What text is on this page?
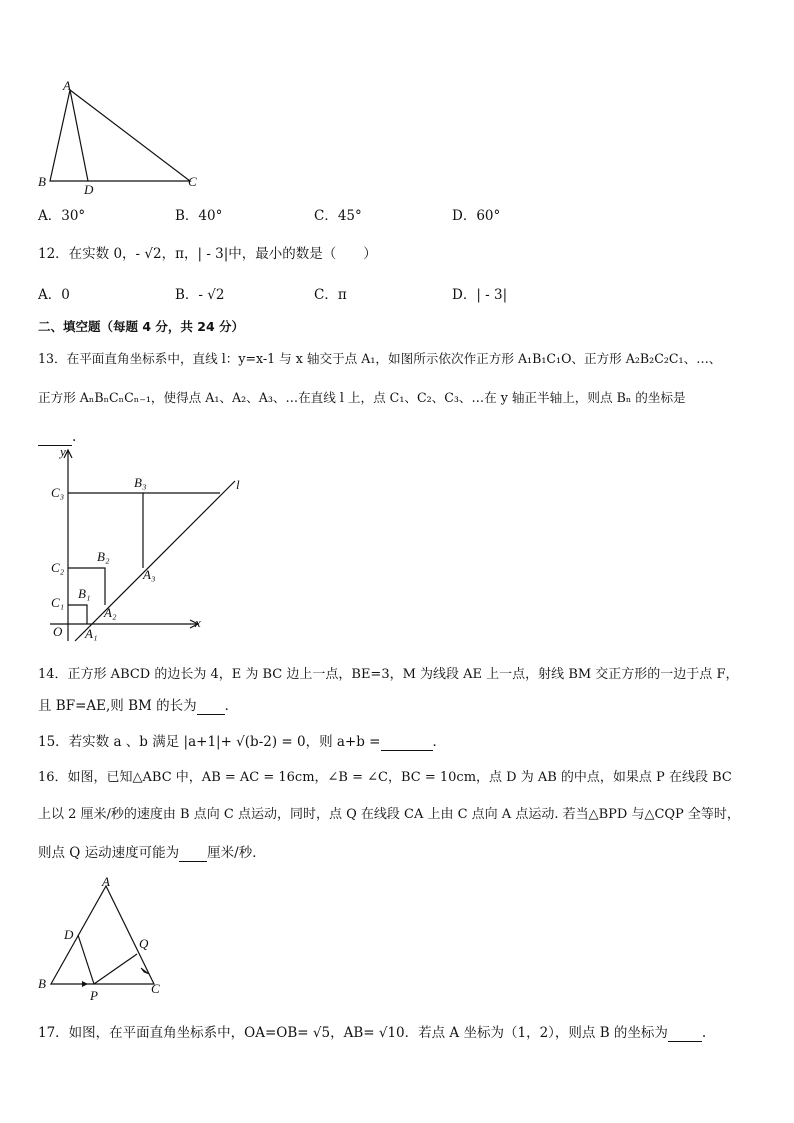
A
B
D
C
A．30°	B．40°	C．45°	D．60°
12．在实数 0，- √2，π，| - 3|中，最小的数是（　　）
A．0	B．- √2	C．π	D．| - 3|
二、填空题（每题 4 分，共 24 分）
13．在平面直角坐标系中，直线 l：y=x-1 与 x 轴交于点 A₁，如图所示依次作正方形 A₁B₁C₁O、正方形 A₂B₂C₂C₁、…、
正方形 AₙBₙCₙCₙ₋₁，使得点 A₁、A₂、A₃、…在直线 l 上，点 C₁、C₂、C₃、…在 y 轴正半轴上，则点 Bₙ 的坐标是
.
y
x
O
l
C₃
C₂
C₁
B₃
B₂
B₁
A₃
A₂
A₁
14．正方形 ABCD 的边长为 4，E 为 BC 边上一点，BE=3，M 为线段 AE 上一点，射线 BM 交正方形的一边于点 F，
且 BF=AE,则 BM 的长为 ．
15．若实数 a 、b 满足 |a+1|+ √(b-2) = 0，则 a+b =	．
16．如图，已知△ABC 中，AB = AC = 16cm，∠B = ∠C，BC = 10cm，点 D 为 AB 的中点，如果点 P 在线段 BC
上以 2 厘米/秒的速度由 B 点向 C 点运动，同时，点 Q 在线段 CA 上由 C 点向 A 点运动. 若当△BPD 与△CQP 全等时，
则点 Q 运动速度可能为 厘米/秒．
A
B	C
D
P
Q
17．如图，在平面直角坐标系中，OA=OB= √5，AB= √10．若点 A 坐标为（1，2），则点 B 的坐标为	.
